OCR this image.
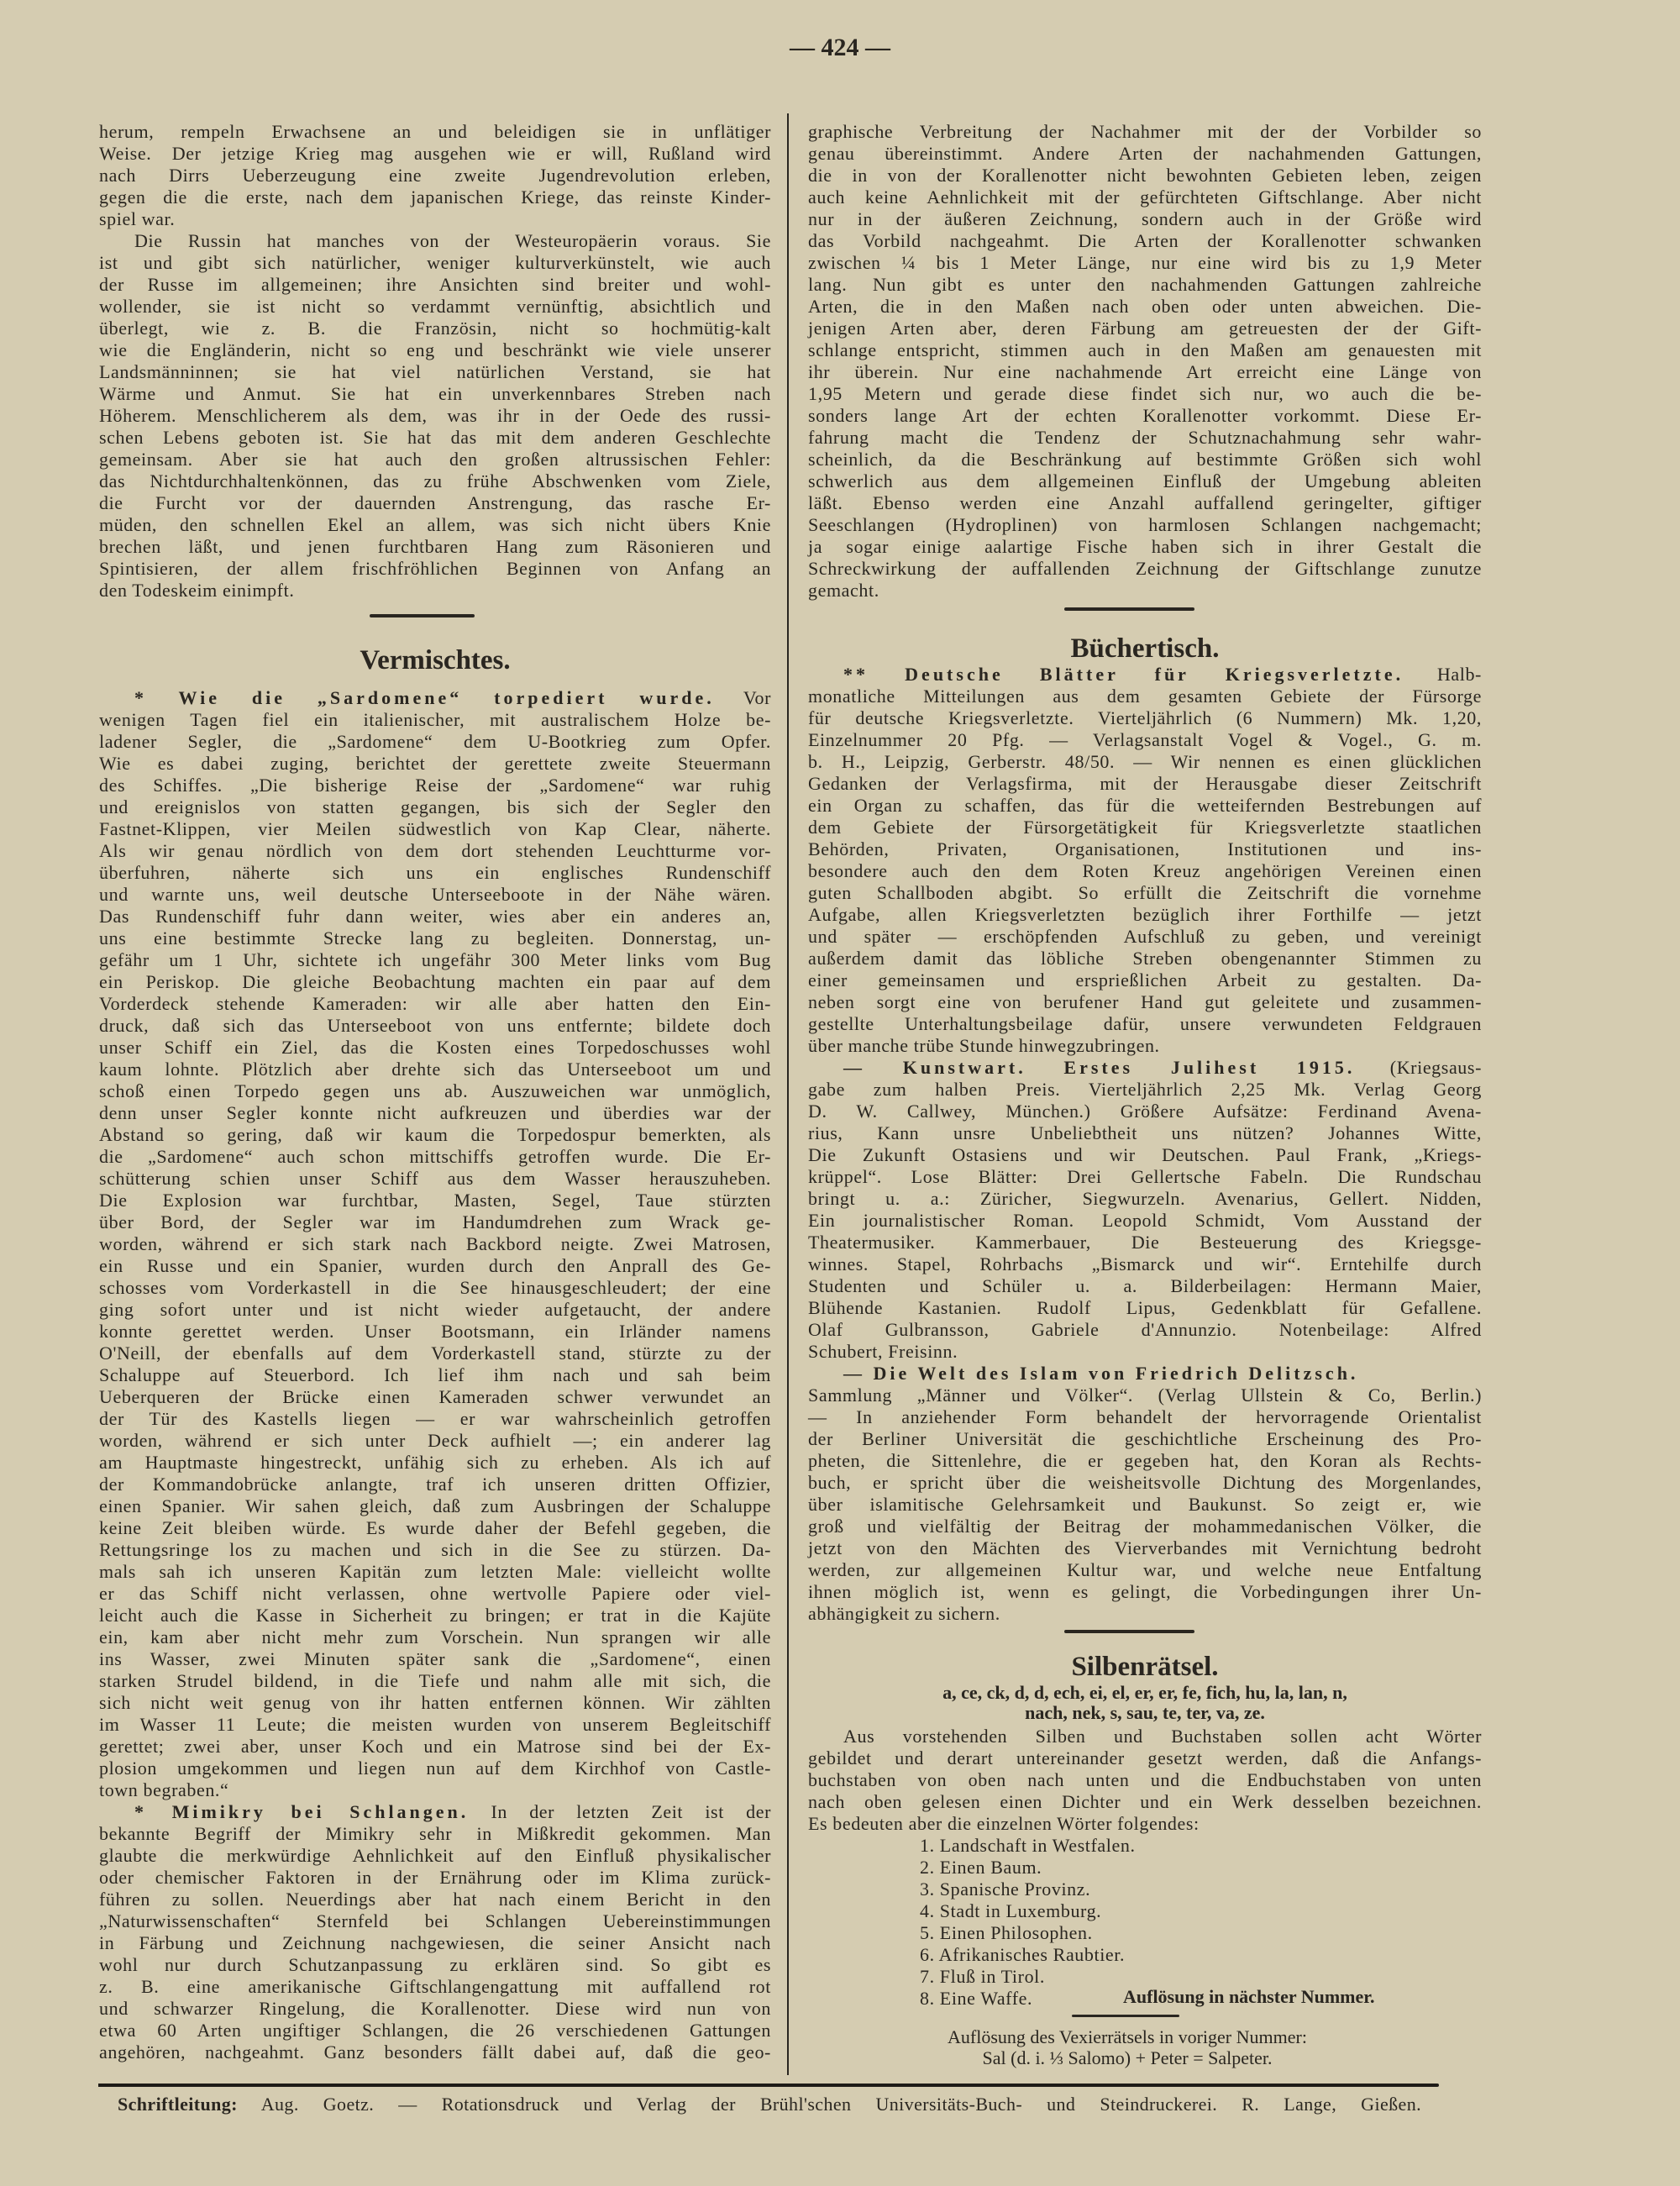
— 424 —
herum, rempeln Erwachsene an und beleidigen sie in unflätiger
Weise. Der jetzige Krieg mag ausgehen wie er will, Rußland wird
nach Dirrs Ueberzeugung eine zweite Jugendrevolution erleben,
gegen die die erste, nach dem japanischen Kriege, das reinste Kinder-
spiel war.
Die Russin hat manches von der Westeuropäerin voraus. Sie
ist und gibt sich natürlicher, weniger kulturverkünstelt, wie auch
der Russe im allgemeinen; ihre Ansichten sind breiter und wohl-
wollender, sie ist nicht so verdammt vernünftig, absichtlich und
überlegt, wie z. B. die Französin, nicht so hochmütig-kalt
wie die Engländerin, nicht so eng und beschränkt wie viele unserer
Landsmänninnen; sie hat viel natürlichen Verstand, sie hat
Wärme und Anmut. Sie hat ein unverkennbares Streben nach
Höherem. Menschlicherem als dem, was ihr in der Oede des russi-
schen Lebens geboten ist. Sie hat das mit dem anderen Geschlechte
gemeinsam. Aber sie hat auch den großen altrussischen Fehler:
das Nichtdurchhaltenkönnen, das zu frühe Abschwenken vom Ziele,
die Furcht vor der dauernden Anstrengung, das rasche Er-
müden, den schnellen Ekel an allem, was sich nicht übers Knie
brechen läßt, und jenen furchtbaren Hang zum Räsonieren und
Spintisieren, der allem frischfröhlichen Beginnen von Anfang an
den Todeskeim einimpft.
Vermischtes.
* Wie die „Sardomene“ torpediert wurde. Vor
wenigen Tagen fiel ein italienischer, mit australischem Holze be-
ladener Segler, die „Sardomene“ dem U-Bootkrieg zum Opfer.
Wie es dabei zuging, berichtet der gerettete zweite Steuermann
des Schiffes. „Die bisherige Reise der „Sardomene“ war ruhig
und ereignislos von statten gegangen, bis sich der Segler den
Fastnet-Klippen, vier Meilen südwestlich von Kap Clear, näherte.
Als wir genau nördlich von dem dort stehenden Leuchtturme vor-
überfuhren, näherte sich uns ein englisches Rundenschiff
und warnte uns, weil deutsche Unterseeboote in der Nähe wären.
Das Rundenschiff fuhr dann weiter, wies aber ein anderes an,
uns eine bestimmte Strecke lang zu begleiten. Donnerstag, un-
gefähr um 1 Uhr, sichtete ich ungefähr 300 Meter links vom Bug
ein Periskop. Die gleiche Beobachtung machten ein paar auf dem
Vorderdeck stehende Kameraden: wir alle aber hatten den Ein-
druck, daß sich das Unterseeboot von uns entfernte; bildete doch
unser Schiff ein Ziel, das die Kosten eines Torpedoschusses wohl
kaum lohnte. Plötzlich aber drehte sich das Unterseeboot um und
schoß einen Torpedo gegen uns ab. Auszuweichen war unmöglich,
denn unser Segler konnte nicht aufkreuzen und überdies war der
Abstand so gering, daß wir kaum die Torpedospur bemerkten, als
die „Sardomene“ auch schon mittschiffs getroffen wurde. Die Er-
schütterung schien unser Schiff aus dem Wasser herauszuheben.
Die Explosion war furchtbar, Masten, Segel, Taue stürzten
über Bord, der Segler war im Handumdrehen zum Wrack ge-
worden, während er sich stark nach Backbord neigte. Zwei Matrosen,
ein Russe und ein Spanier, wurden durch den Anprall des Ge-
schosses vom Vorderkastell in die See hinausgeschleudert; der eine
ging sofort unter und ist nicht wieder aufgetaucht, der andere
konnte gerettet werden. Unser Bootsmann, ein Irländer namens
O'Neill, der ebenfalls auf dem Vorderkastell stand, stürzte zu der
Schaluppe auf Steuerbord. Ich lief ihm nach und sah beim
Ueberqueren der Brücke einen Kameraden schwer verwundet an
der Tür des Kastells liegen — er war wahrscheinlich getroffen
worden, während er sich unter Deck aufhielt —; ein anderer lag
am Hauptmaste hingestreckt, unfähig sich zu erheben. Als ich auf
der Kommandobrücke anlangte, traf ich unseren dritten Offizier,
einen Spanier. Wir sahen gleich, daß zum Ausbringen der Schaluppe
keine Zeit bleiben würde. Es wurde daher der Befehl gegeben, die
Rettungsringe los zu machen und sich in die See zu stürzen. Da-
mals sah ich unseren Kapitän zum letzten Male: vielleicht wollte
er das Schiff nicht verlassen, ohne wertvolle Papiere oder viel-
leicht auch die Kasse in Sicherheit zu bringen; er trat in die Kajüte
ein, kam aber nicht mehr zum Vorschein. Nun sprangen wir alle
ins Wasser, zwei Minuten später sank die „Sardomene“, einen
starken Strudel bildend, in die Tiefe und nahm alle mit sich, die
sich nicht weit genug von ihr hatten entfernen können. Wir zählten
im Wasser 11 Leute; die meisten wurden von unserem Begleitschiff
gerettet; zwei aber, unser Koch und ein Matrose sind bei der Ex-
plosion umgekommen und liegen nun auf dem Kirchhof von Castle-
town begraben.“
* Mimikry bei Schlangen. In der letzten Zeit ist der
bekannte Begriff der Mimikry sehr in Mißkredit gekommen. Man
glaubte die merkwürdige Aehnlichkeit auf den Einfluß physikalischer
oder chemischer Faktoren in der Ernährung oder im Klima zurück-
führen zu sollen. Neuerdings aber hat nach einem Bericht in den
„Naturwissenschaften“ Sternfeld bei Schlangen Uebereinstimmungen
in Färbung und Zeichnung nachgewiesen, die seiner Ansicht nach
wohl nur durch Schutzanpassung zu erklären sind. So gibt es
z. B. eine amerikanische Giftschlangengattung mit auffallend rot
und schwarzer Ringelung, die Korallenotter. Diese wird nun von
etwa 60 Arten ungiftiger Schlangen, die 26 verschiedenen Gattungen
angehören, nachgeahmt. Ganz besonders fällt dabei auf, daß die geo-
graphische Verbreitung der Nachahmer mit der der Vorbilder so
genau übereinstimmt. Andere Arten der nachahmenden Gattungen,
die in von der Korallenotter nicht bewohnten Gebieten leben, zeigen
auch keine Aehnlichkeit mit der gefürchteten Giftschlange. Aber nicht
nur in der äußeren Zeichnung, sondern auch in der Größe wird
das Vorbild nachgeahmt. Die Arten der Korallenotter schwanken
zwischen ¼ bis 1 Meter Länge, nur eine wird bis zu 1,9 Meter
lang. Nun gibt es unter den nachahmenden Gattungen zahlreiche
Arten, die in den Maßen nach oben oder unten abweichen. Die-
jenigen Arten aber, deren Färbung am getreuesten der der Gift-
schlange entspricht, stimmen auch in den Maßen am genauesten mit
ihr überein. Nur eine nachahmende Art erreicht eine Länge von
1,95 Metern und gerade diese findet sich nur, wo auch die be-
sonders lange Art der echten Korallenotter vorkommt. Diese Er-
fahrung macht die Tendenz der Schutznachahmung sehr wahr-
scheinlich, da die Beschränkung auf bestimmte Größen sich wohl
schwerlich aus dem allgemeinen Einfluß der Umgebung ableiten
läßt. Ebenso werden eine Anzahl auffallend geringelter, giftiger
Seeschlangen (Hydroplinen) von harmlosen Schlangen nachgemacht;
ja sogar einige aalartige Fische haben sich in ihrer Gestalt die
Schreckwirkung der auffallenden Zeichnung der Giftschlange zunutze
gemacht.
Büchertisch.
** Deutsche Blätter für Kriegsverletzte. Halb-
monatliche Mitteilungen aus dem gesamten Gebiete der Fürsorge
für deutsche Kriegsverletzte. Vierteljährlich (6 Nummern) Mk. 1,20,
Einzelnummer 20 Pfg. — Verlagsanstalt Vogel & Vogel., G. m.
b. H., Leipzig, Gerberstr. 48/50. — Wir nennen es einen glücklichen
Gedanken der Verlagsfirma, mit der Herausgabe dieser Zeitschrift
ein Organ zu schaffen, das für die wetteifernden Bestrebungen auf
dem Gebiete der Fürsorgetätigkeit für Kriegsverletzte staatlichen
Behörden, Privaten, Organisationen, Institutionen und ins-
besondere auch den dem Roten Kreuz angehörigen Vereinen einen
guten Schallboden abgibt. So erfüllt die Zeitschrift die vornehme
Aufgabe, allen Kriegsverletzten bezüglich ihrer Forthilfe — jetzt
und später — erschöpfenden Aufschluß zu geben, und vereinigt
außerdem damit das löbliche Streben obengenannter Stimmen zu
einer gemeinsamen und ersprießlichen Arbeit zu gestalten. Da-
neben sorgt eine von berufener Hand gut geleitete und zusammen-
gestellte Unterhaltungsbeilage dafür, unsere verwundeten Feldgrauen
über manche trübe Stunde hinwegzubringen.
— Kunstwart. Erstes Julihest 1915. (Kriegsaus-
gabe zum halben Preis. Vierteljährlich 2,25 Mk. Verlag Georg
D. W. Callwey, München.) Größere Aufsätze: Ferdinand Avena-
rius, Kann unsre Unbeliebtheit uns nützen? Johannes Witte,
Die Zukunft Ostasiens und wir Deutschen. Paul Frank, „Kriegs-
krüppel“. Lose Blätter: Drei Gellertsche Fabeln. Die Rundschau
bringt u. a.: Züricher, Siegwurzeln. Avenarius, Gellert. Nidden,
Ein journalistischer Roman. Leopold Schmidt, Vom Ausstand der
Theatermusiker. Kammerbauer, Die Besteuerung des Kriegsge-
winnes. Stapel, Rohrbachs „Bismarck und wir“. Erntehilfe durch
Studenten und Schüler u. a. Bilderbeilagen: Hermann Maier,
Blühende Kastanien. Rudolf Lipus, Gedenkblatt für Gefallene.
Olaf Gulbransson, Gabriele d'Annunzio. Notenbeilage: Alfred
Schubert, Freisinn.
— Die Welt des Islam von Friedrich Delitzsch.
Sammlung „Männer und Völker“. (Verlag Ullstein & Co, Berlin.)
— In anziehender Form behandelt der hervorragende Orientalist
der Berliner Universität die geschichtliche Erscheinung des Pro-
pheten, die Sittenlehre, die er gegeben hat, den Koran als Rechts-
buch, er spricht über die weisheitsvolle Dichtung des Morgenlandes,
über islamitische Gelehrsamkeit und Baukunst. So zeigt er, wie
groß und vielfältig der Beitrag der mohammedanischen Völker, die
jetzt von den Mächten des Vierverbandes mit Vernichtung bedroht
werden, zur allgemeinen Kultur war, und welche neue Entfaltung
ihnen möglich ist, wenn es gelingt, die Vorbedingungen ihrer Un-
abhängigkeit zu sichern.
Silbenrätsel.
a, ce, ck, d, d, ech, ei, el, er, er, fe, fich, hu, la, lan, n,
nach, nek, s, sau, te, ter, va, ze.
Aus vorstehenden Silben und Buchstaben sollen acht Wörter
gebildet und derart untereinander gesetzt werden, daß die Anfangs-
buchstaben von oben nach unten und die Endbuchstaben von unten
nach oben gelesen einen Dichter und ein Werk desselben bezeichnen.
Es bedeuten aber die einzelnen Wörter folgendes:
1. Landschaft in Westfalen.
2. Einen Baum.
3. Spanische Provinz.
4. Stadt in Luxemburg.
5. Einen Philosophen.
6. Afrikanisches Raubtier.
7. Fluß in Tirol.
8. Eine Waffe.	Auflösung in nächster Nummer.
Auflösung des Vexierrätsels in voriger Nummer:
Sal (d. i. ⅓ Salomo) + Peter = Salpeter.
Schriftleitung: Aug. Goetz. — Rotationsdruck und Verlag der Brühl'schen Universitäts-Buch- und Steindruckerei. R. Lange, Gießen.
